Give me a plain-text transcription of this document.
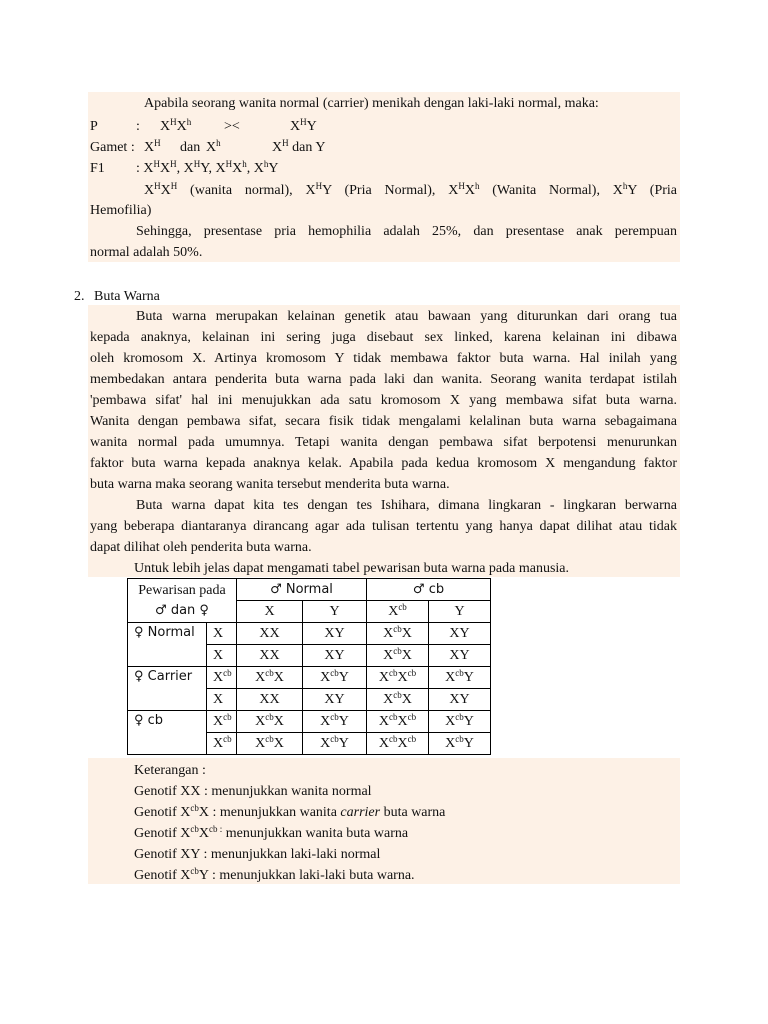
Apabila seorang wanita normal (carrier) menikah dengan laki-laki normal, maka:
P	: $X^HX^h$ ><	$X^HY$
Gamet : $X^H$ dan $X^h$	$X^H$ dan Y
F1 : $X^HX^H$, $X^HY$, $X^HX^h$, $X^hY$
$X^HX^H$ (wanita normal), $X^HY$ (Pria Normal), $X^HX^h$ (Wanita Normal), $X^hY$ (Pria
Hemofilia)
Sehingga, presentase pria hemophilia adalah 25%, dan presentase anak perempuan
normal adalah 50%.
2. Buta Warna
Buta warna merupakan kelainan genetik atau bawaan yang diturunkan dari orang tua
kepada anaknya, kelainan ini sering juga disebaut sex linked, karena kelainan ini dibawa
oleh kromosom X. Artinya kromosom Y tidak membawa faktor buta warna. Hal inilah yang
membedakan antara penderita buta warna pada laki dan wanita. Seorang wanita terdapat istilah
'pembawa sifat' hal ini menujukkan ada satu kromosom X yang membawa sifat buta warna.
Wanita dengan pembawa sifat, secara fisik tidak mengalami kelalinan buta warna sebagaimana
wanita normal pada umumnya. Tetapi wanita dengan pembawa sifat berpotensi menurunkan
faktor buta warna kepada anaknya kelak. Apabila pada kedua kromosom X mengandung faktor
buta warna maka seorang wanita tersebut menderita buta warna.
Buta warna dapat kita tes dengan tes Ishihara, dimana lingkaran - lingkaran berwarna
yang beberapa diantaranya dirancang agar ada tulisan tertentu yang hanya dapat dilihat atau tidak
dapat dilihat oleh penderita buta warna.
Untuk lebih jelas dapat mengamati tabel pewarisan buta warna pada manusia.
Pewarisan pada
♂ dan ♀		♂ Normal		♂ cb	
		X	Y	$X^{cb}$	Y
♀ Normal	X	XX	XY	$X^{cb}X$	XY
	X	XX	XY	$X^{cb}X$	XY
♀ Carrier	$X^{cb}$	$X^{cb}X$	$X^{cb}Y$	$X^{cb}X^{cb}$	$X^{cb}Y$
	X	XX	XY	$X^{cb}X$	XY
♀ cb	$X^{cb}$	$X^{cb}X$	$X^{cb}Y$	$X^{cb}X^{cb}$	$X^{cb}Y$
	$X^{cb}$	$X^{cb}X$	$X^{cb}Y$	$X^{cb}X^{cb}$	$X^{cb}Y$
Keterangan :
Genotif XX : menunjukkan wanita normal
Genotif $X^{cb}X$ : menunjukkan wanita carrier buta warna
Genotif $X^{cb}X^{cb :}$ menunjukkan wanita buta warna
Genotif XY : menunjukkan laki-laki normal
Genotif $X^{cb}Y$ : menunjukkan laki-laki buta warna.
